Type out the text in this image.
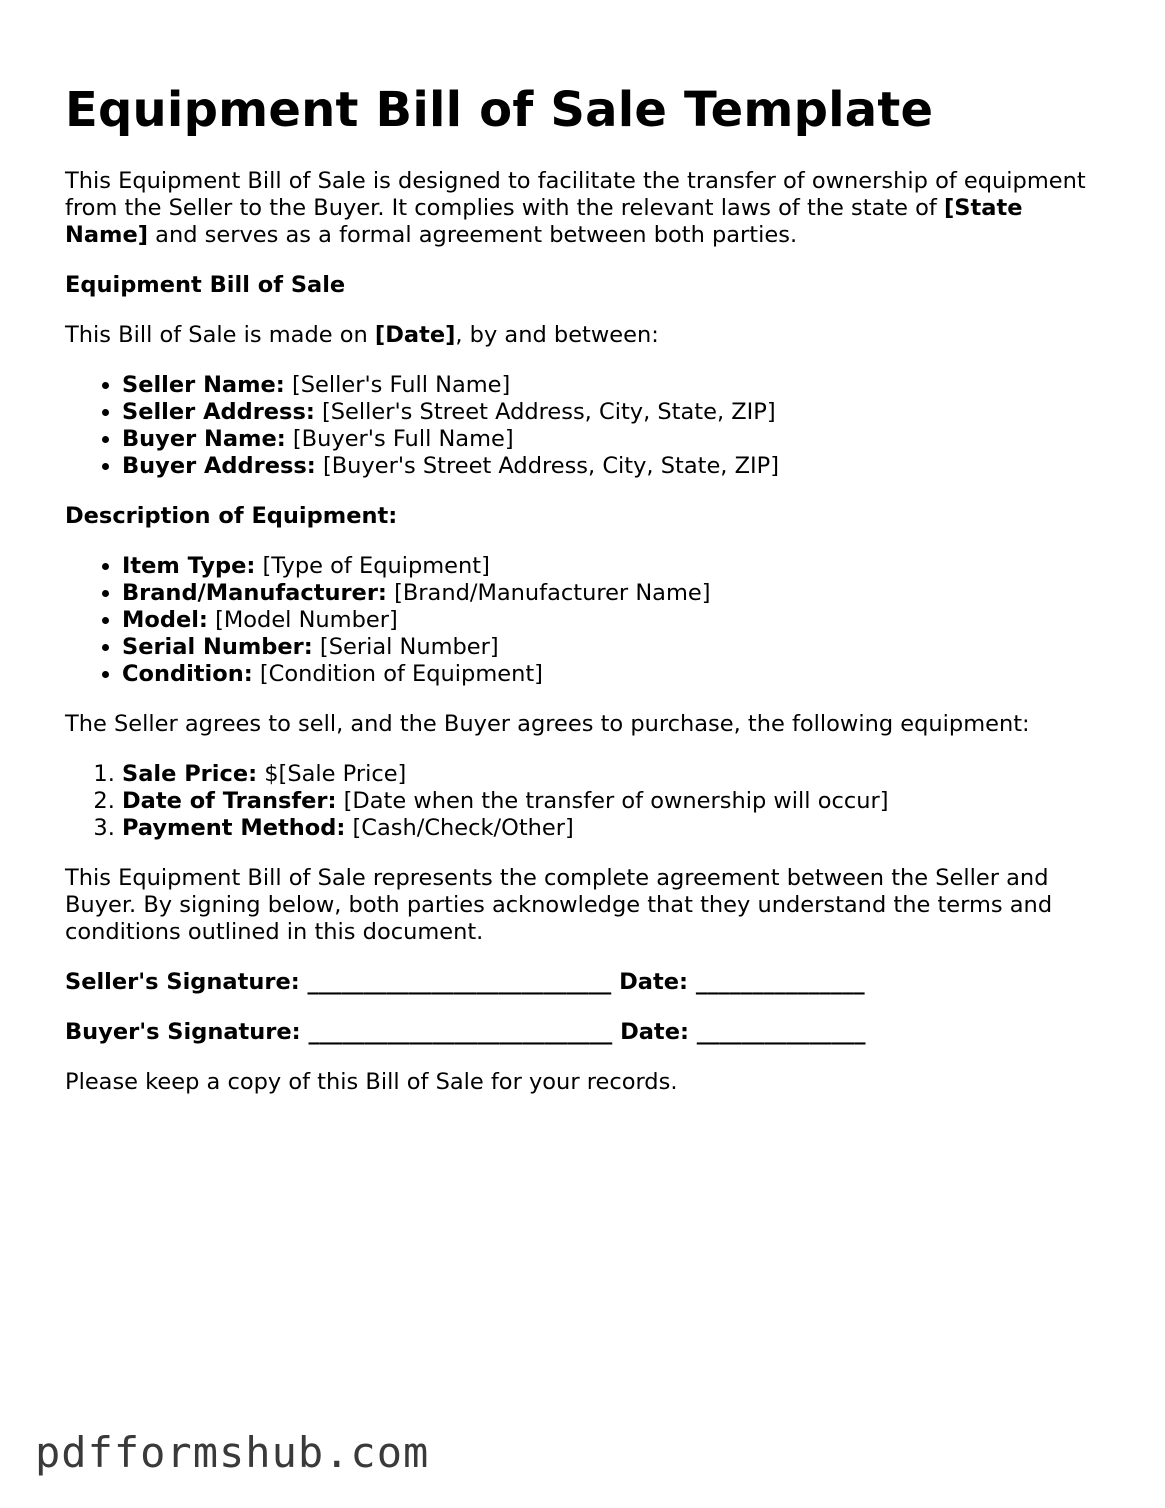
Equipment Bill of Sale Template

This Equipment Bill of Sale is designed to facilitate the transfer of ownership of equipment from the Seller to the Buyer. It complies with the relevant laws of the state of [State Name] and serves as a formal agreement between both parties.

Equipment Bill of Sale

This Bill of Sale is made on [Date], by and between:

• Seller Name: [Seller's Full Name]
• Seller Address: [Seller's Street Address, City, State, ZIP]
• Buyer Name: [Buyer's Full Name]
• Buyer Address: [Buyer's Street Address, City, State, ZIP]

Description of Equipment:

• Item Type: [Type of Equipment]
• Brand/Manufacturer: [Brand/Manufacturer Name]
• Model: [Model Number]
• Serial Number: [Serial Number]
• Condition: [Condition of Equipment]

The Seller agrees to sell, and the Buyer agrees to purchase, the following equipment:

1. Sale Price: $[Sale Price]
2. Date of Transfer: [Date when the transfer of ownership will occur]
3. Payment Method: [Cash/Check/Other]

This Equipment Bill of Sale represents the complete agreement between the Seller and Buyer. By signing below, both parties acknowledge that they understand the terms and conditions outlined in this document.

Seller's Signature: ___________________________ Date: _______________

Buyer's Signature: ___________________________ Date: _______________

Please keep a copy of this Bill of Sale for your records.

pdfformshub.com
